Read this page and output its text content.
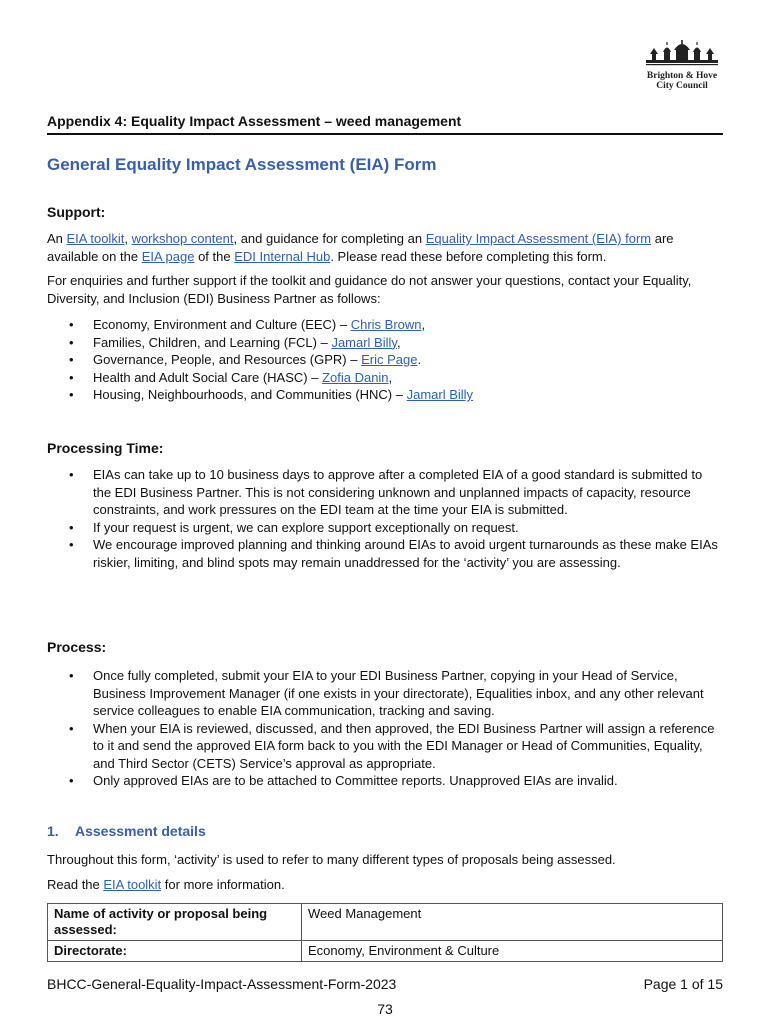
Brighton & Hove
City Council
Appendix 4: Equality Impact Assessment – weed management
General Equality Impact Assessment (EIA) Form
Support:
An EIA toolkit, workshop content, and guidance for completing an Equality Impact Assessment (EIA) form are available on the EIA page of the EDI Internal Hub. Please read these before completing this form.
For enquiries and further support if the toolkit and guidance do not answer your questions, contact your Equality, Diversity, and Inclusion (EDI) Business Partner as follows:
• Economy, Environment and Culture (EEC) – Chris Brown,
• Families, Children, and Learning (FCL) – Jamarl Billy,
• Governance, People, and Resources (GPR) – Eric Page.
• Health and Adult Social Care (HASC) – Zofia Danin,
• Housing, Neighbourhoods, and Communities (HNC) – Jamarl Billy
Processing Time:
• EIAs can take up to 10 business days to approve after a completed EIA of a good standard is submitted to the EDI Business Partner. This is not considering unknown and unplanned impacts of capacity, resource constraints, and work pressures on the EDI team at the time your EIA is submitted.
• If your request is urgent, we can explore support exceptionally on request.
• We encourage improved planning and thinking around EIAs to avoid urgent turnarounds as these make EIAs riskier, limiting, and blind spots may remain unaddressed for the ‘activity’ you are assessing.
Process:
• Once fully completed, submit your EIA to your EDI Business Partner, copying in your Head of Service, Business Improvement Manager (if one exists in your directorate), Equalities inbox, and any other relevant service colleagues to enable EIA communication, tracking and saving.
• When your EIA is reviewed, discussed, and then approved, the EDI Business Partner will assign a reference to it and send the approved EIA form back to you with the EDI Manager or Head of Communities, Equality, and Third Sector (CETS) Service’s approval as appropriate.
• Only approved EIAs are to be attached to Committee reports. Unapproved EIAs are invalid.
1. Assessment details
Throughout this form, ‘activity’ is used to refer to many different types of proposals being assessed.
Read the EIA toolkit for more information.
Name of activity or proposal being assessed:	Weed Management
Directorate:	Economy, Environment & Culture
BHCC-General-Equality-Impact-Assessment-Form-2023	Page 1 of 15
73
